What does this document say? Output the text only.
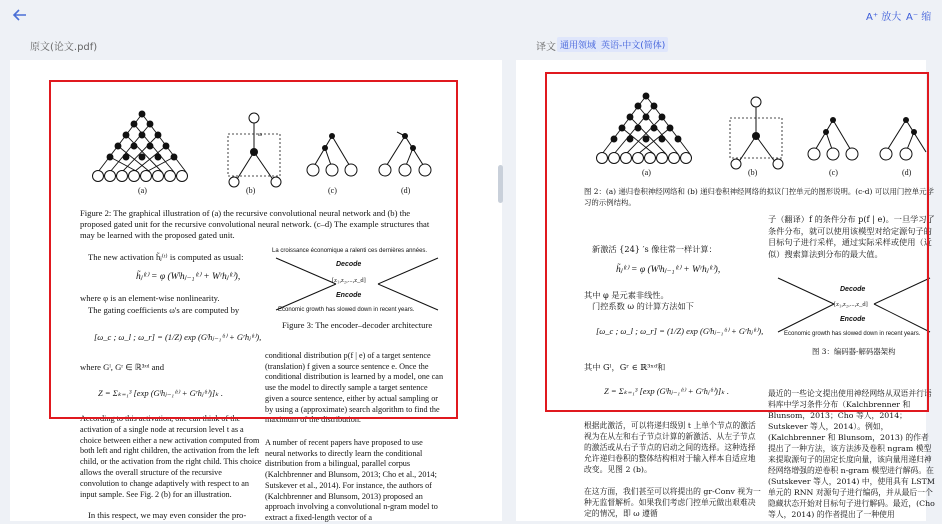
A⁺ 放大 A⁻ 缩
原文(论文.pdf)	译文 通用领域 英语-中文(简体)
(a)
ω
(b)	(c)	(d)
Figure 2: The graphical illustration of (a) the recursive convolutional neural network and (b) the proposed gated unit for the recursive convolutional neural network. (c–d) The example structures that may be learned with the proposed gated unit.
The new activation h̃ⱼ⁽ᵗ⁾ is computed as usual:
h̃ⱼ⁽ᵗ⁾ = φ (Wˡhⱼ₋₁⁽ᵗ⁾ + Wʳhⱼ⁽ᵗ⁾),
where φ is an element-wise nonlinearity.
The gating coefficients ω's are computed by
[ω_c ; ω_l ; ω_r] = (1/Z) exp (Gˡhⱼ₋₁⁽ᵗ⁾ + Gʳhⱼ⁽ᵗ⁾),
where Gˡ, Gʳ ∈ ℝ³ˣᵈ and
Z = Σₖ₌₁³ [exp (Gˡhⱼ₋₁⁽ᵗ⁾ + Gʳhⱼ⁽ᵗ⁾)]ₖ .
According to this activation, one can think of the activation of a single node at recursion level t as a choice between either a new activation computed from both left and right children, the activation from the left child, or the activation from the right child. This choice allows the overall structure of the recursive convolution to change adaptively with respect to an input sample. See Fig. 2 (b) for an illustration.
In this respect, we may even consider the pro-
La croissance économique a ralenti ces dernières années.
Decode
[z₁,z₂,...,z_d]
Encode
Economic growth has slowed down in recent years.
Figure 3: The encoder–decoder architecture
conditional distribution p(f | e) of a target sentence (translation) f given a source sentence e. Once the conditional distribution is learned by a model, one can use the model to directly sample a target sentence given a source sentence, either by actual sampling or by using a (approximate) search algorithm to find the maximum of the distribution.
A number of recent papers have proposed to use neural networks to directly learn the conditional distribution from a bilingual, parallel corpus (Kalchbrenner and Blunsom, 2013; Cho et al., 2014; Sutskever et al., 2014). For instance, the authors of (Kalchbrenner and Blunsom, 2013) proposed an approach involving a convolutional n-gram model to extract a fixed-length vector of a
(a)	(b)	(c)	(d)
图 2：(a) 递归卷积神经网络和 (b) 递归卷积神经网络的拟议门控单元的图形说明。(c-d) 可以用门控单元学习的示例结构。
子（翻译）f 的条件分布 p(f | e)。一旦学习了条件分布，就可以使用该模型对给定源句子的目标句子进行采样，通过实际采样或使用（近似）搜索算法到分布的最大值。
新激活 {24} ′s 像往常一样计算：
h̃ⱼ⁽ᵗ⁾ = φ (Wˡhⱼ₋₁⁽ᵗ⁾ + Wʳhⱼ⁽ᵗ⁾),
其中 φ 是元素非线性。
门控系数 ω 的计算方法如下
[ω_c ; ω_l ; ω_r] = (1/Z) exp (Gˡhⱼ₋₁⁽ᵗ⁾ + Gʳhⱼ⁽ᵗ⁾),
其中 Gˡ，Gʳ ∈ ℝ³ˣᵈ和
Z = Σₖ₌₁³ [exp (Gˡhⱼ₋₁⁽ᵗ⁾ + Gʳhⱼ⁽ᵗ⁾)]ₖ .
Decode
[z₁,z₂,...,z_d]
Encode
Economic growth has slowed down in recent years.
图 3：编码器-解码器架构
根据此激活，可以将递归级别 t 上单个节点的激活视为在从左和右子节点计算的新激活、从左子节点的激活或从右子节点的启动之间的选择。这种选择允许递归卷积的整体结构相对于输入样本自适应地改变。见图 2 (b)。
在这方面，我们甚至可以将提出的 gr-Conv 视为一种无监督解析。如果我们考虑门控单元做出艰难决定的情况，即 ω 遵循
最近的一些论文提出使用神经网络从双语并行语料库中学习条件分布（Kalchbrenner 和 Blunsom，2013；Cho 等人，2014；Sutskever 等人，2014）。例如，(Kalchbrenner 和 Blunsom，2013) 的作者提出了一种方法，该方法涉及卷积 ngram 模型来提取源句子的固定长度向量，该向量用递归神经网络增强的逆卷积 n-gram 模型进行解码。在 (Sutskever 等人，2014) 中，使用具有 LSTM 单元的 RNN 对源句子进行编码，并从最后一个隐藏状态开始对目标句子进行解码。最近，(Cho 等人，2014) 的作者提出了一种使用
